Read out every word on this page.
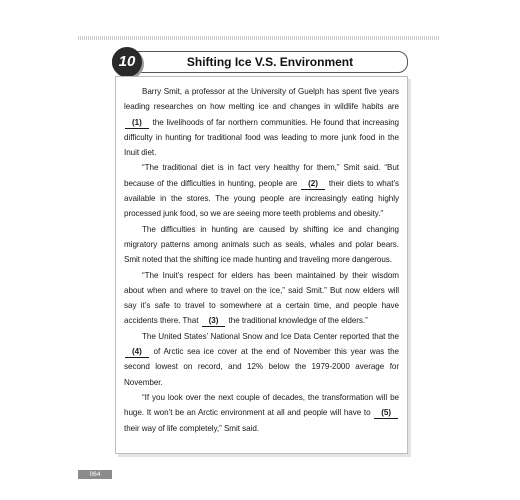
10	Shifting Ice V.S. Environment

Barry Smit, a professor at the University of Guelph has spent five years leading researches on how melting ice and changes in wildlife habits are (1) the livelihoods of far northern communities. He found that increasing difficulty in hunting for traditional food was leading to more junk food in the Inuit diet.

“The traditional diet is in fact very healthy for them,” Smit said. “But because of the difficulties in hunting, people are (2) their diets to what’s available in the stores. The young people are increasingly eating highly processed junk food, so we are seeing more teeth problems and obesity.”

The difficulties in hunting are caused by shifting ice and changing migratory patterns among animals such as seals, whales and polar bears. Smit noted that the shifting ice made hunting and traveling more dangerous.

“The Inuit’s respect for elders has been maintained by their wisdom about when and where to travel on the ice,” said Smit.” But now elders will say it’s safe to travel to somewhere at a certain time, and people have accidents there. That (3) the traditional knowledge of the elders.”

The United States’ National Snow and Ice Data Center reported that the (4) of Arctic sea ice cover at the end of November this year was the second lowest on record, and 12% below the 1979-2000 average for November.

“If you look over the next couple of decades, the transformation will be huge. It won’t be an Arctic environment at all and people will have to (5) their way of life completely,” Smit said.

064
